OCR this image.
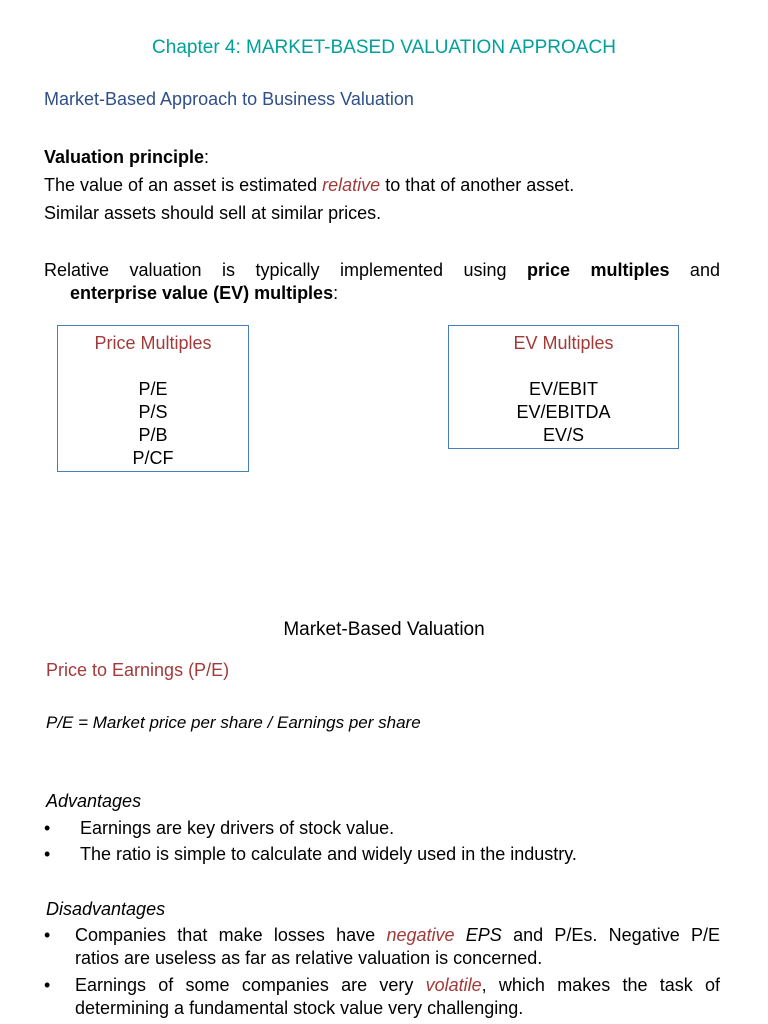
Chapter 4: MARKET-BASED VALUATION APPROACH
Market-Based Approach to Business Valuation
Valuation principle:
The value of an asset is estimated relative to that of another asset.
Similar assets should sell at similar prices.
Relative valuation is typically implemented using price multiples and
enterprise value (EV) multiples:
Price Multiples
P/E
P/S
P/B
P/CF
EV Multiples
EV/EBIT
EV/EBITDA
EV/S
Market-Based Valuation
Price to Earnings (P/E)
P/E = Market price per share / Earnings per share
Advantages
• Earnings are key drivers of stock value.
• The ratio is simple to calculate and widely used in the industry.
Disadvantages
• Companies that make losses have negative EPS and P/Es. Negative P/E
ratios are useless as far as relative valuation is concerned.
• Earnings of some companies are very volatile, which makes the task of
determining a fundamental stock value very challenging.
